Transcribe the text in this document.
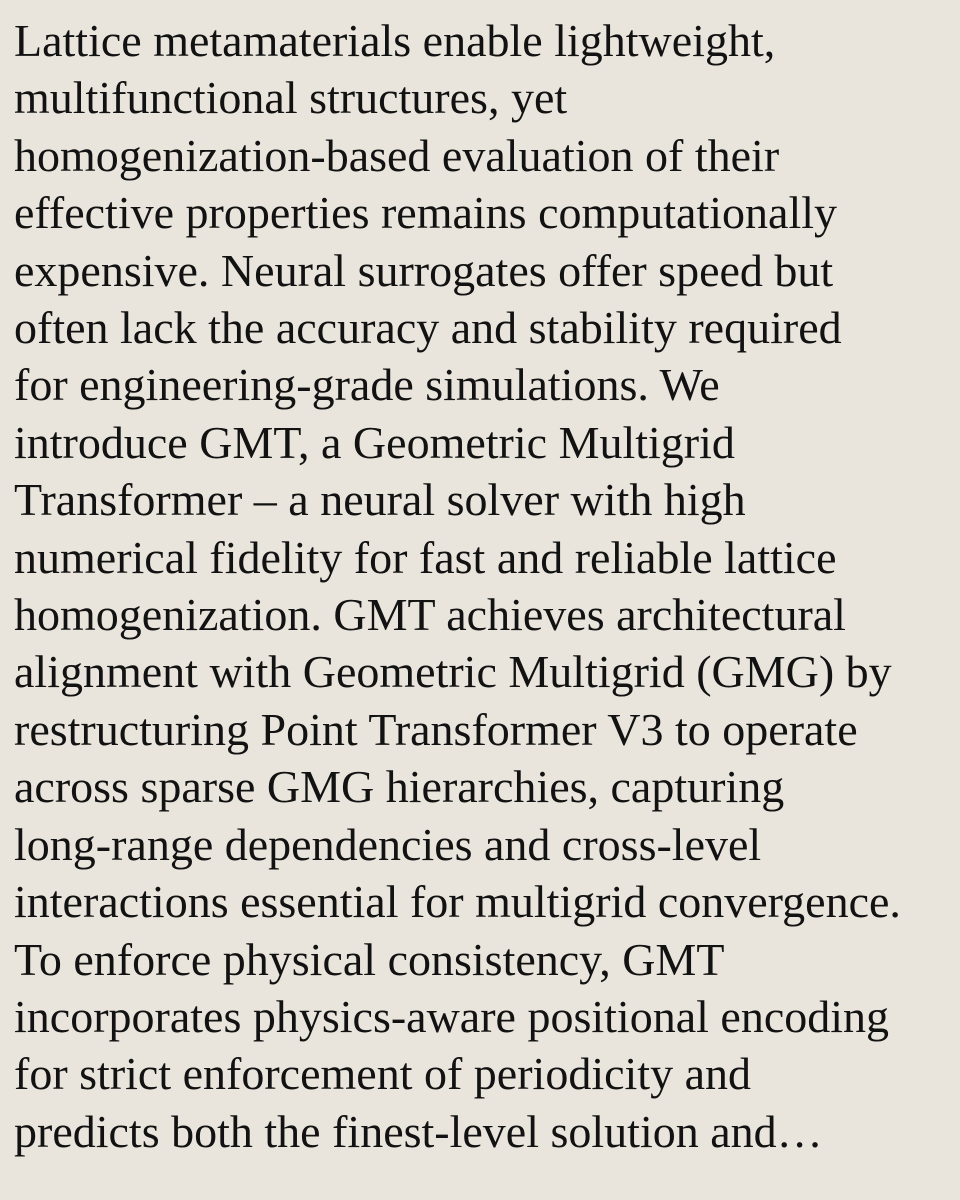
Lattice metamaterials enable lightweight,
multifunctional structures, yet
homogenization-based evaluation of their
effective properties remains computationally
expensive. Neural surrogates offer speed but
often lack the accuracy and stability required
for engineering-grade simulations. We
introduce GMT, a Geometric Multigrid
Transformer – a neural solver with high
numerical fidelity for fast and reliable lattice
homogenization. GMT achieves architectural
alignment with Geometric Multigrid (GMG) by
restructuring Point Transformer V3 to operate
across sparse GMG hierarchies, capturing
long-range dependencies and cross-level
interactions essential for multigrid convergence.
To enforce physical consistency, GMT
incorporates physics-aware positional encoding
for strict enforcement of periodicity and
predicts both the finest-level solution and…
